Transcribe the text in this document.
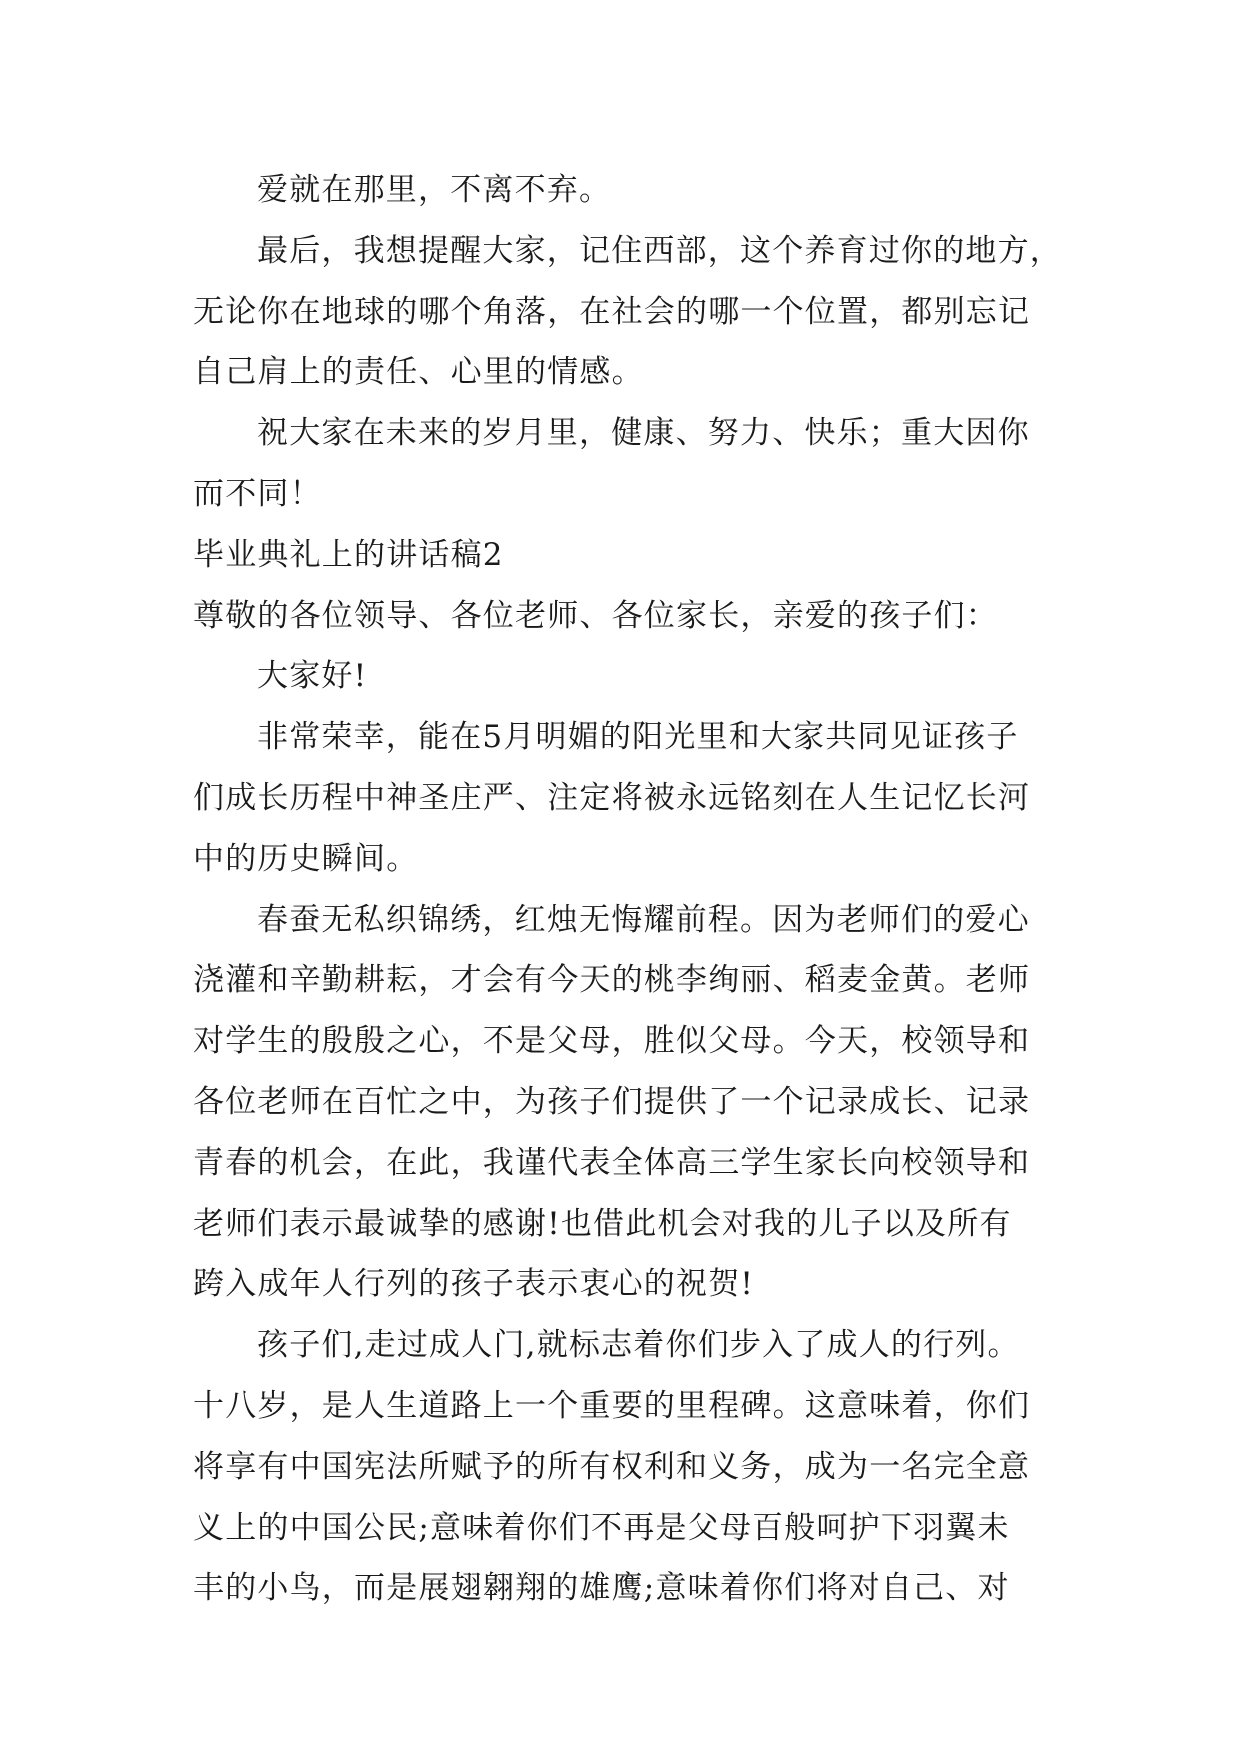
爱就在那里，不离不弃。
最后，我想提醒大家，记住西部，这个养育过你的地方，
无论你在地球的哪个角落，在社会的哪一个位置，都别忘记
自己肩上的责任、心里的情感。
祝大家在未来的岁月里，健康、努力、快乐；重大因你
而不同！
毕业典礼上的讲话稿2
尊敬的各位领导、各位老师、各位家长，亲爱的孩子们：
大家好!
非常荣幸，能在5月明媚的阳光里和大家共同见证孩子
们成长历程中神圣庄严、注定将被永远铭刻在人生记忆长河
中的历史瞬间。
春蚕无私织锦绣，红烛无悔耀前程。因为老师们的爱心
浇灌和辛勤耕耘，才会有今天的桃李绚丽、稻麦金黄。老师
对学生的殷殷之心，不是父母，胜似父母。今天，校领导和
各位老师在百忙之中，为孩子们提供了一个记录成长、记录
青春的机会，在此，我谨代表全体高三学生家长向校领导和
老师们表示最诚挚的感谢!也借此机会对我的儿子以及所有
跨入成年人行列的孩子表示衷心的祝贺!
孩子们,走过成人门,就标志着你们步入了成人的行列。
十八岁，是人生道路上一个重要的里程碑。这意味着，你们
将享有中国宪法所赋予的所有权利和义务，成为一名完全意
义上的中国公民;意味着你们不再是父母百般呵护下羽翼未
丰的小鸟，而是展翅翱翔的雄鹰;意味着你们将对自己、对
